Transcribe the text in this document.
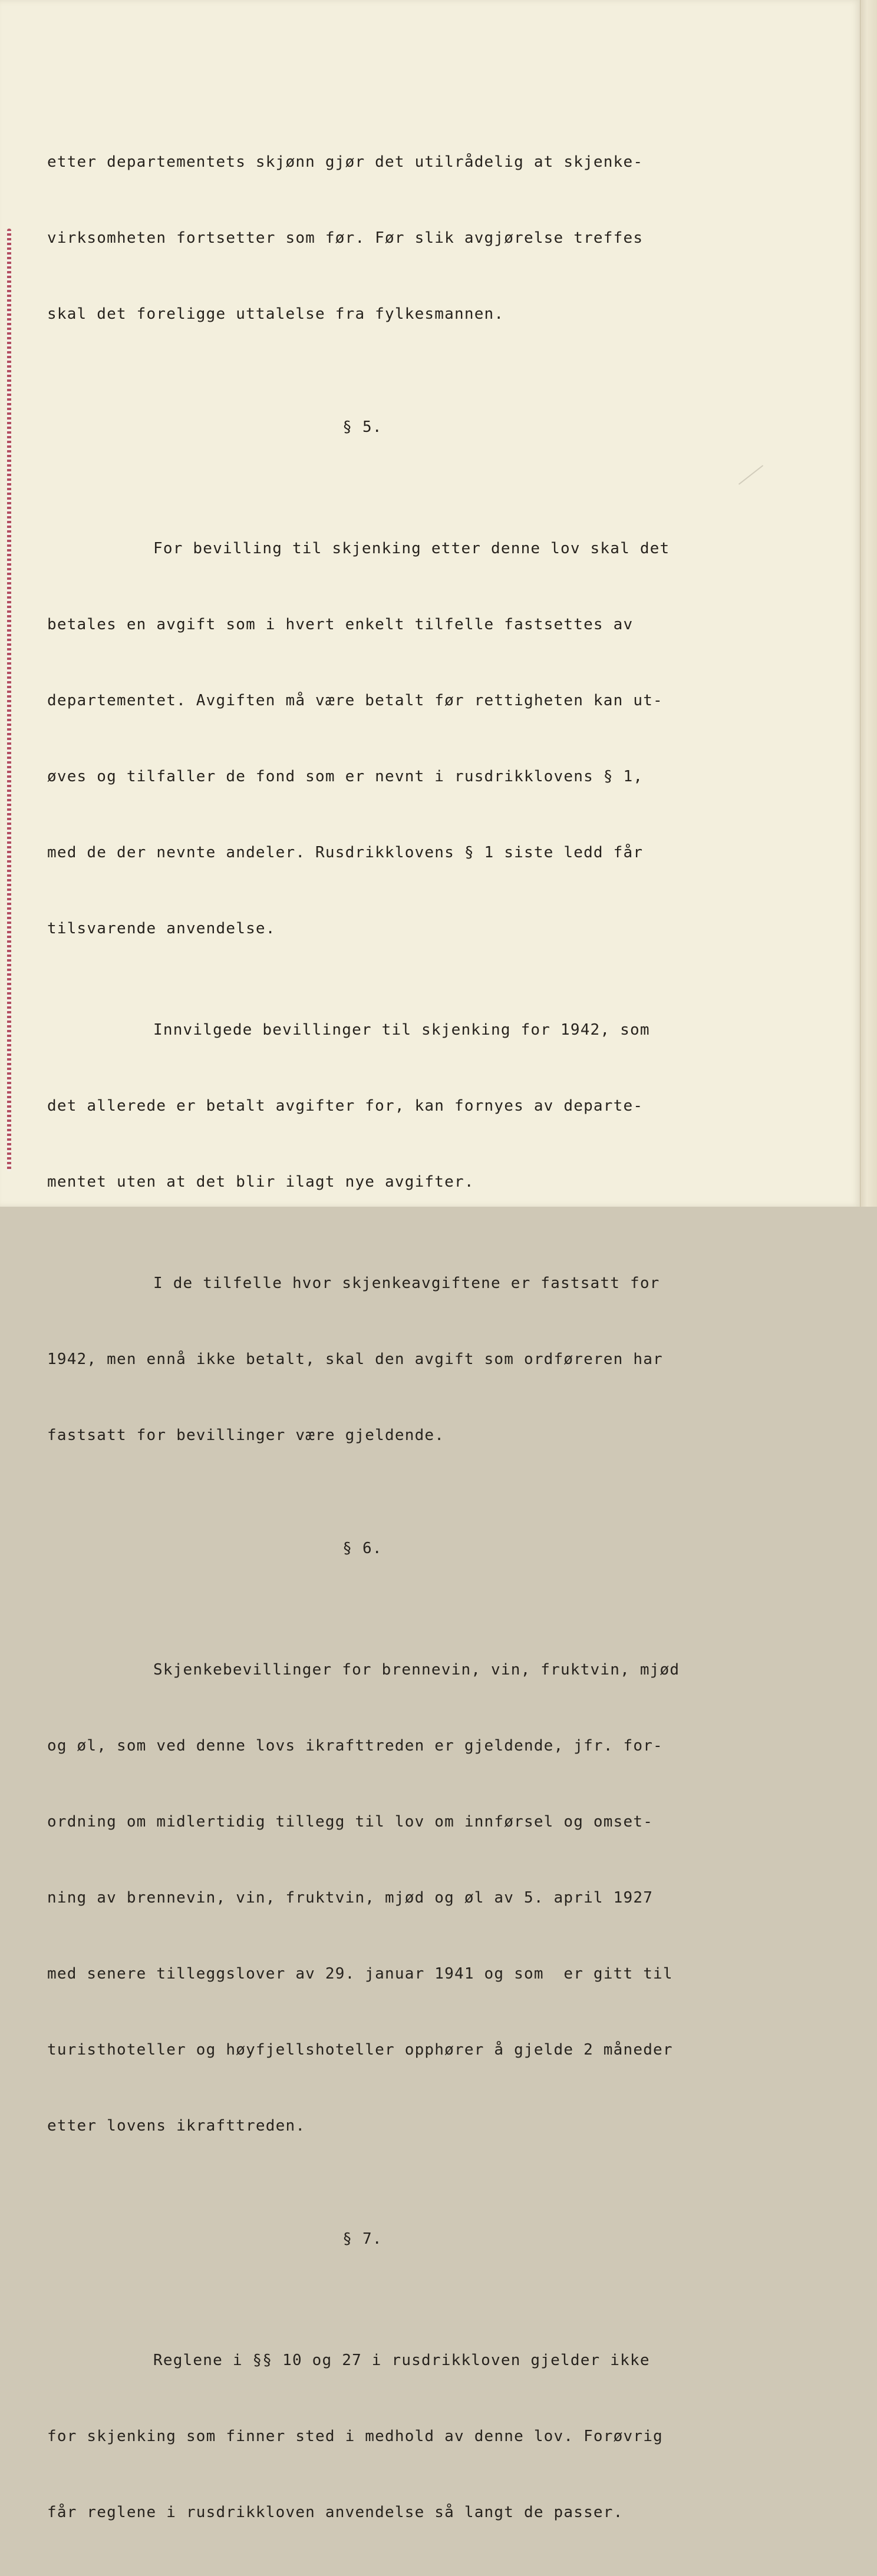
etter departementets skjønn gjør det utilrådelig at skjenke-

virksomheten fortsetter som før. Før slik avgjørelse treffes

skal det foreligge uttalelse fra fylkesmannen.

§ 5.

For bevilling til skjenking etter denne lov skal det

betales en avgift som i hvert enkelt tilfelle fastsettes av

departementet. Avgiften må være betalt før rettigheten kan ut-

øves og tilfaller de fond som er nevnt i rusdrikklovens § 1,

med de der nevnte andeler. Rusdrikklovens § 1 siste ledd får

tilsvarende anvendelse.

Innvilgede bevillinger til skjenking for 1942, som

det allerede er betalt avgifter for, kan fornyes av departe-

mentet uten at det blir ilagt nye avgifter.

I de tilfelle hvor skjenkeavgiftene er fastsatt for

1942, men ennå ikke betalt, skal den avgift som ordføreren har

fastsatt for bevillinger være gjeldende.

§ 6.

Skjenkebevillinger for brennevin, vin, fruktvin, mjød

og øl, som ved denne lovs ikrafttreden er gjeldende, jfr. for-

ordning om midlertidig tillegg til lov om innførsel og omset-

ning av brennevin, vin, fruktvin, mjød og øl av 5. april 1927

med senere tilleggslover av 29. januar 1941 og som  er gitt til

turisthoteller og høyfjellshoteller opphører å gjelde 2 måneder

etter lovens ikrafttreden.

§ 7.

Reglene i §§ 10 og 27 i rusdrikkloven gjelder ikke

for skjenking som finner sted i medhold av denne lov. Forøvrig

får reglene i rusdrikkloven anvendelse så langt de passer.
